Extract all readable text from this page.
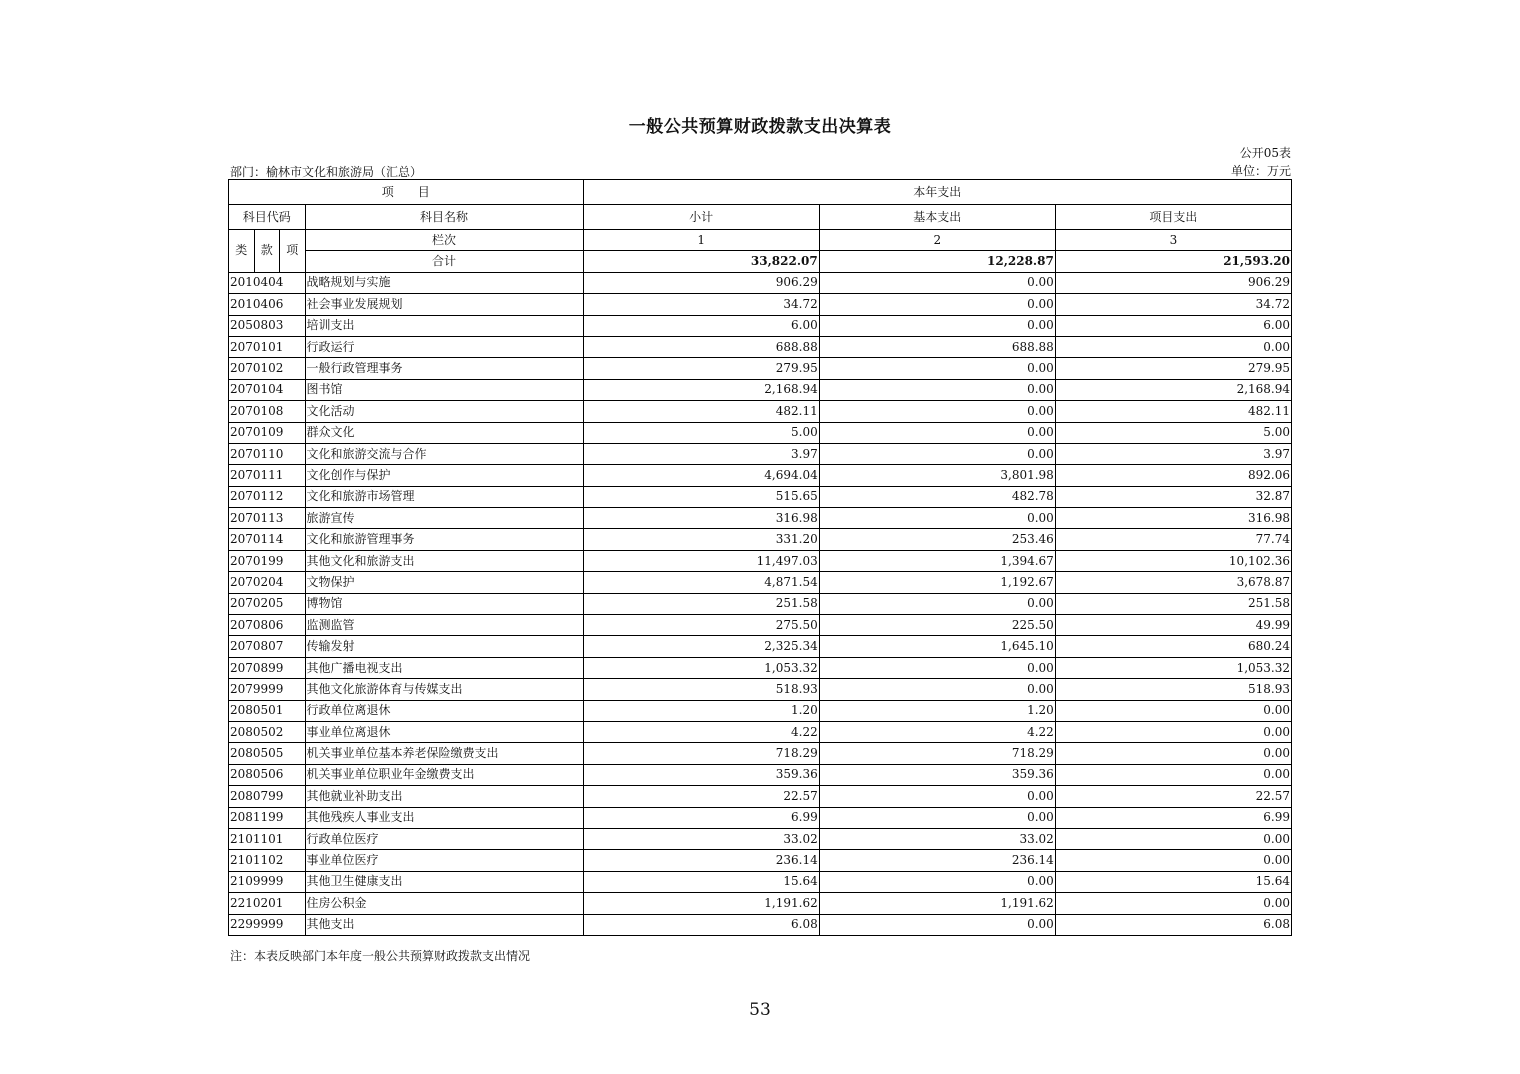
一般公共预算财政拨款支出决算表
公开05表
部门：榆林市文化和旅游局（汇总）	单位：万元
项　　目				本年支出		
科目代码			科目名称	小计	基本支出	项目支出
类	款	项	栏次	1	2	3
			合计	33,822.07	12,228.87	21,593.20
2010404			战略规划与实施	906.29	0.00	906.29
2010406			社会事业发展规划	34.72	0.00	34.72
2050803			培训支出	6.00	0.00	6.00
2070101			行政运行	688.88	688.88	0.00
2070102			一般行政管理事务	279.95	0.00	279.95
2070104			图书馆	2,168.94	0.00	2,168.94
2070108			文化活动	482.11	0.00	482.11
2070109			群众文化	5.00	0.00	5.00
2070110			文化和旅游交流与合作	3.97	0.00	3.97
2070111			文化创作与保护	4,694.04	3,801.98	892.06
2070112			文化和旅游市场管理	515.65	482.78	32.87
2070113			旅游宣传	316.98	0.00	316.98
2070114			文化和旅游管理事务	331.20	253.46	77.74
2070199			其他文化和旅游支出	11,497.03	1,394.67	10,102.36
2070204			文物保护	4,871.54	1,192.67	3,678.87
2070205			博物馆	251.58	0.00	251.58
2070806			监测监管	275.50	225.50	49.99
2070807			传输发射	2,325.34	1,645.10	680.24
2070899			其他广播电视支出	1,053.32	0.00	1,053.32
2079999			其他文化旅游体育与传媒支出	518.93	0.00	518.93
2080501			行政单位离退休	1.20	1.20	0.00
2080502			事业单位离退休	4.22	4.22	0.00
2080505			机关事业单位基本养老保险缴费支出	718.29	718.29	0.00
2080506			机关事业单位职业年金缴费支出	359.36	359.36	0.00
2080799			其他就业补助支出	22.57	0.00	22.57
2081199			其他残疾人事业支出	6.99	0.00	6.99
2101101			行政单位医疗	33.02	33.02	0.00
2101102			事业单位医疗	236.14	236.14	0.00
2109999			其他卫生健康支出	15.64	0.00	15.64
2210201			住房公积金	1,191.62	1,191.62	0.00
2299999			其他支出	6.08	0.00	6.08
注：本表反映部门本年度一般公共预算财政拨款支出情况
53
